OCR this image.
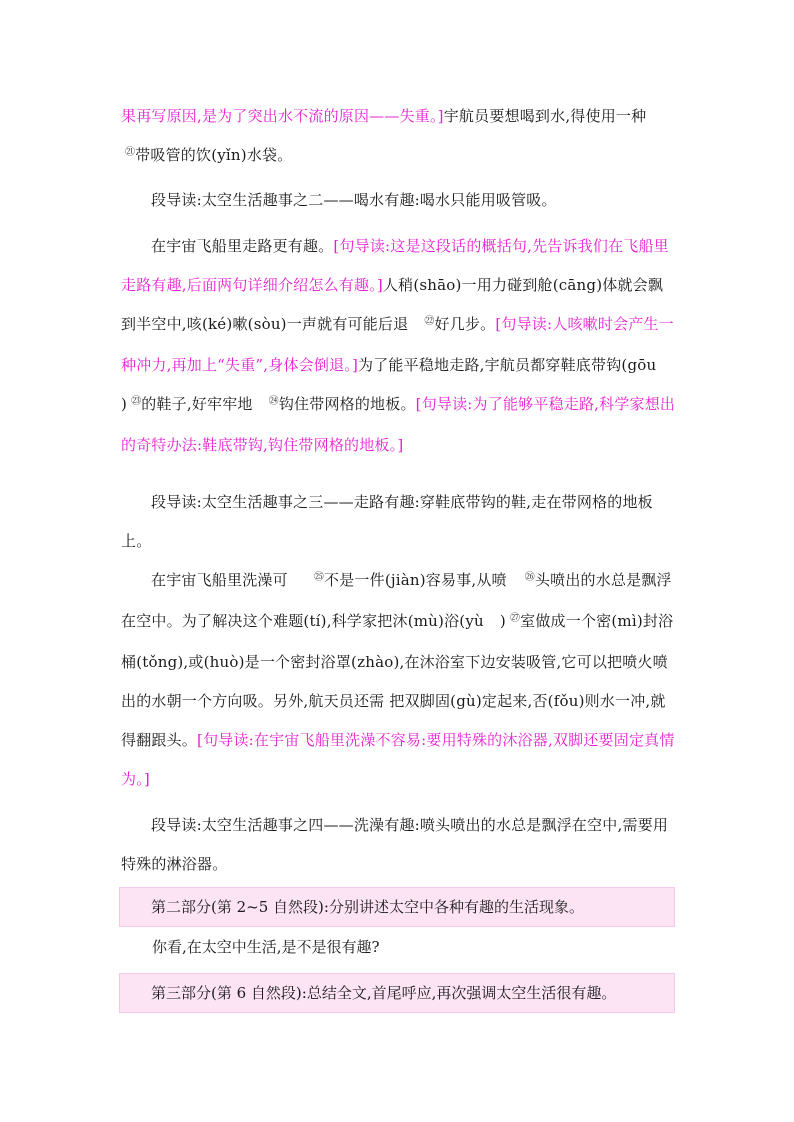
果再写原因,是为了突出水不流的原因——失重。]宇航员要想喝到水,得使用一种$^㉑$带吸管的饮(yǐn)水袋。

段导读:太空生活趣事之二——喝水有趣:喝水只能用吸管吸。

在宇宙飞船里走路更有趣。[句导读:这是这段话的概括句,先告诉我们在飞船里走路有趣,后面两句详细介绍怎么有趣。]人稍(shāo)一用力碰到舱(cāng)体就会飘到半空中,咳(ké)嗽(sòu)一声就有可能后退 $^㉒$好几步。[句导读:人咳嗽时会产生一种冲力,再加上“失重”,身体会倒退。]为了能平稳地走路,宇航员都穿鞋底带钩(gōu) $^㉓$的鞋子,好牢牢地 $^㉔$钩住带网格的地板。[句导读:为了能够平稳走路,科学家想出的奇特办法:鞋底带钩,钩住带网格的地板。]

段导读:太空生活趣事之三——走路有趣:穿鞋底带钩的鞋,走在带网格的地板上。

在宇宙飞船里洗澡可	$^㉕$不是一件(jiàn)容易事,从喷 $^㉖$头喷出的水总是飘浮在空中。为了解决这个难题(tí),科学家把沐(mù)浴(yù ) $^㉗$室做成一个密(mì)封浴桶(tǒng),或(huò)是一个密封浴罩(zhào),在沐浴室下边安装吸管,它可以把喷火喷出的水朝一个方向吸。另外,航天员还需 把双脚固(gù)定起来,否(fǒu)则水一冲,就得翻跟头。[句导读:在宇宙飞船里洗澡不容易:要用特殊的沐浴器,双脚还要固定真情为。]

段导读:太空生活趣事之四——洗澡有趣:喷头喷出的水总是飘浮在空中,需要用特殊的淋浴器。

第二部分(第 2~5 自然段):分别讲述太空中各种有趣的生活现象。
你看,在太空中生活,是不是很有趣?
第三部分(第 6 自然段):总结全文,首尾呼应,再次强调太空生活很有趣。
